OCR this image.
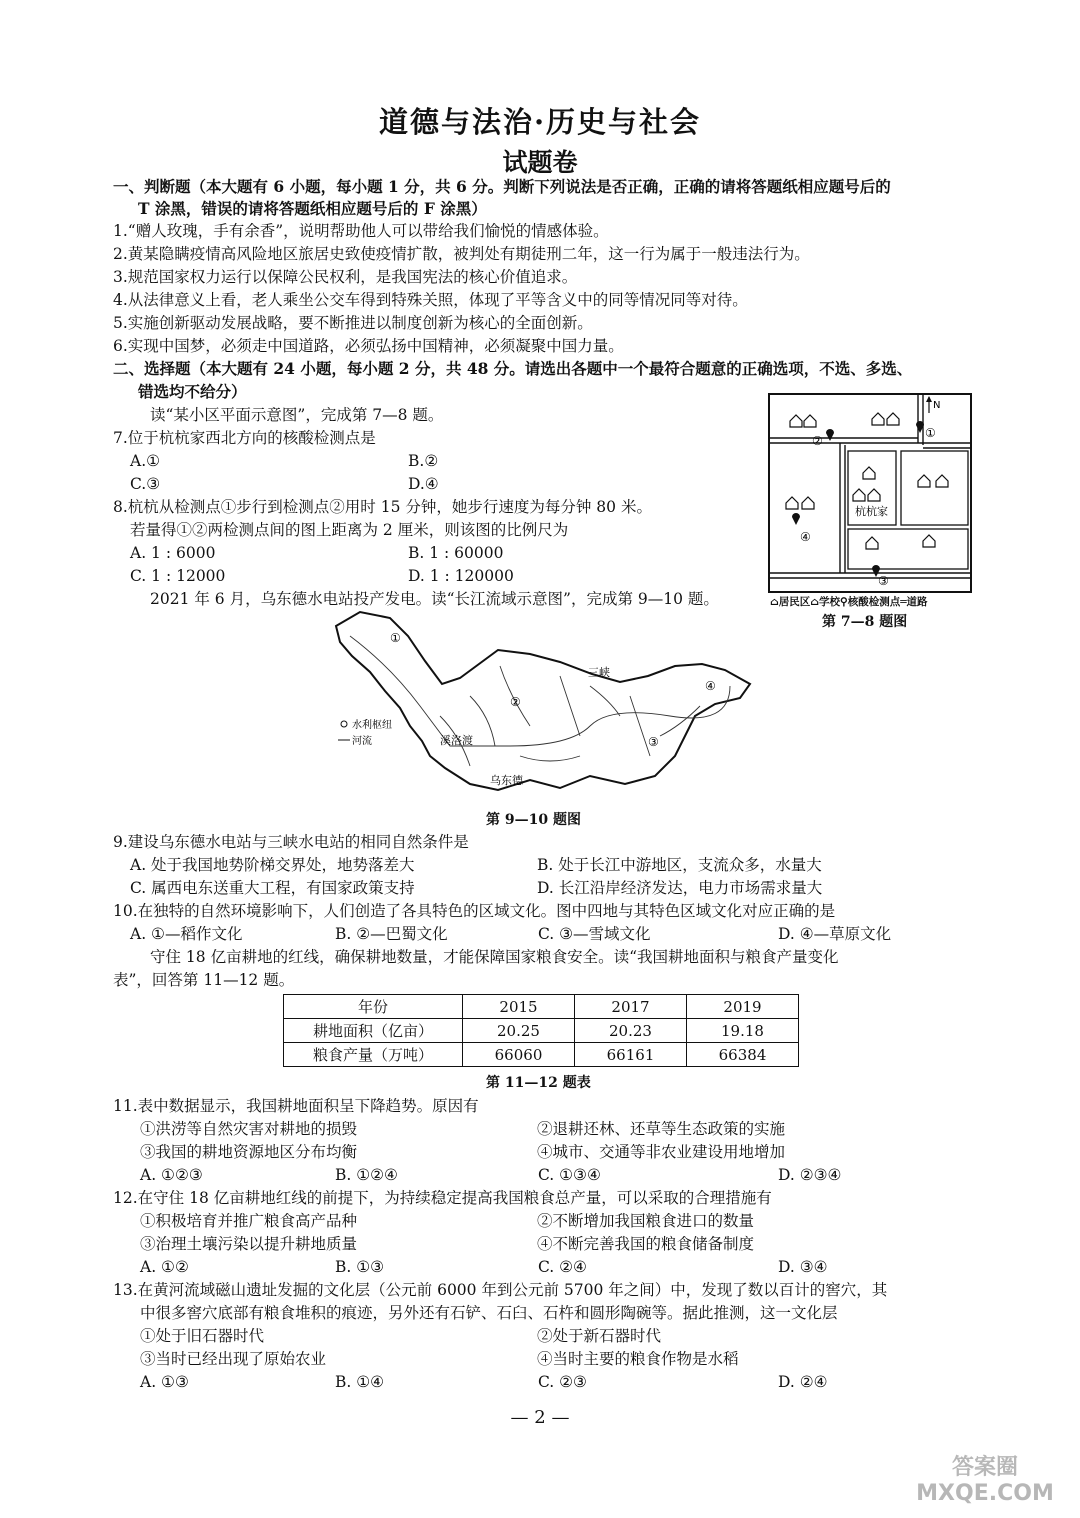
道德与法治·历史与社会
试题卷
一、判断题（本大题有 6 小题，每小题 1 分，共 6 分。判断下列说法是否正确，正确的请将答题纸相应题号后的
T 涂黑，错误的请将答题纸相应题号后的 F 涂黑）
1.“赠人玫瑰，手有余香”，说明帮助他人可以带给我们愉悦的情感体验。
2.黄某隐瞒疫情高风险地区旅居史致使疫情扩散，被判处有期徒刑二年，这一行为属于一般违法行为。
3.规范国家权力运行以保障公民权利，是我国宪法的核心价值追求。
4.从法律意义上看，老人乘坐公交车得到特殊关照，体现了平等含义中的同等情况同等对待。
5.实施创新驱动发展战略，要不断推进以制度创新为核心的全面创新。
6.实现中国梦，必须走中国道路，必须弘扬中国精神，必须凝聚中国力量。
二、选择题（本大题有 24 小题，每小题 2 分，共 48 分。请选出各题中一个最符合题意的正确选项，不选、多选、
错选均不给分）
读“某小区平面示意图”，完成第 7—8 题。
7.位于杭杭家西北方向的核酸检测点是
A.①	B.②
C.③	D.④
8.杭杭从检测点①步行到检测点②用时 15 分钟，她步行速度为每分钟 80 米。
若量得①②两检测点间的图上距离为 2 厘米，则该图的比例尺为
A. 1 : 6000	B. 1 : 60000
C. 1 : 12000	D. 1 : 120000
①
②
③
④
杭杭家
N
⌂居民区⌂学校⚲核酸检测点═道路
第 7—8 题图
2021 年 6 月，乌东德水电站投产发电。读“长江流域示意图”，完成第 9—10 题。
①
②
③
④
三峡
溪洛渡
乌东德
水利枢纽
河流
第 9—10 题图
9.建设乌东德水电站与三峡水电站的相同自然条件是
A. 处于我国地势阶梯交界处，地势落差大	B. 处于长江中游地区，支流众多，水量大
C. 属西电东送重大工程，有国家政策支持	D. 长江沿岸经济发达，电力市场需求量大
10.在独特的自然环境影响下，人们创造了各具特色的区域文化。图中四地与其特色区域文化对应正确的是
A. ①—稻作文化	B. ②—巴蜀文化	C. ③—雪域文化	D. ④—草原文化
守住 18 亿亩耕地的红线，确保耕地数量，才能保障国家粮食安全。读“我国耕地面积与粮食产量变化
表”，回答第 11—12 题。
年份	2015	2017	2019
耕地面积（亿亩）	20.25	20.23	19.18
粮食产量（万吨）	66060	66161	66384
第 11—12 题表
11.表中数据显示，我国耕地面积呈下降趋势。原因有
①洪涝等自然灾害对耕地的损毁	②退耕还林、还草等生态政策的实施
③我国的耕地资源地区分布均衡	④城市、交通等非农业建设用地增加
A. ①②③	B. ①②④	C. ①③④	D. ②③④
12.在守住 18 亿亩耕地红线的前提下，为持续稳定提高我国粮食总产量，可以采取的合理措施有
①积极培育并推广粮食高产品种	②不断增加我国粮食进口的数量
③治理土壤污染以提升耕地质量	④不断完善我国的粮食储备制度
A. ①②	B. ①③	C. ②④	D. ③④
13.在黄河流域磁山遗址发掘的文化层（公元前 6000 年到公元前 5700 年之间）中，发现了数以百计的窖穴，其
中很多窖穴底部有粮食堆积的痕迹，另外还有石铲、石臼、石杵和圆形陶碗等。据此推测，这一文化层
①处于旧石器时代	②处于新石器时代
③当时已经出现了原始农业	④当时主要的粮食作物是水稻
A. ①③	B. ①④	C. ②③	D. ②④
— 2 —
答案圈 MXQE.COM
